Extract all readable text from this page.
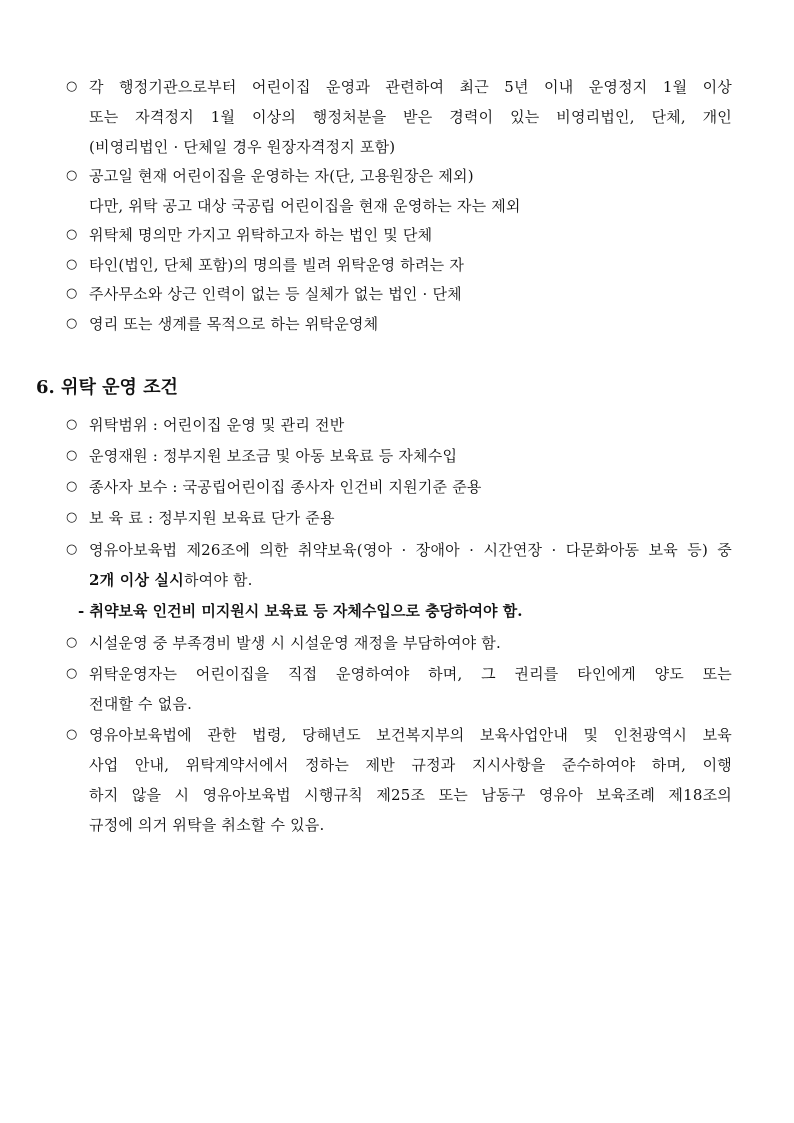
○ 각 행정기관으로부터 어린이집 운영과 관련하여 최근 5년 이내 운영정지 1월 이상
또는 자격정지 1월 이상의 행정처분을 받은 경력이 있는 비영리법인, 단체, 개인
(비영리법인 · 단체일 경우 원장자격정지 포함)
○ 공고일 현재 어린이집을 운영하는 자(단, 고용원장은 제외)
다만, 위탁 공고 대상 국공립 어린이집을 현재 운영하는 자는 제외
○ 위탁체 명의만 가지고 위탁하고자 하는 법인 및 단체
○ 타인(법인, 단체 포함)의 명의를 빌려 위탁운영 하려는 자
○ 주사무소와 상근 인력이 없는 등 실체가 없는 법인 · 단체
○ 영리 또는 생계를 목적으로 하는 위탁운영체
6. 위탁 운영 조건
○ 위탁범위 : 어린이집 운영 및 관리 전반
○ 운영재원 : 정부지원 보조금 및 아동 보육료 등 자체수입
○ 종사자 보수 : 국공립어린이집 종사자 인건비 지원기준 준용
○ 보 육 료 : 정부지원 보육료 단가 준용
○ 영유아보육법 제26조에 의한 취약보육(영아 · 장애아 · 시간연장 · 다문화아동 보육 등) 중
2개 이상 실시하여야 함.
- 취약보육 인건비 미지원시 보육료 등 자체수입으로 충당하여야 함.
○ 시설운영 중 부족경비 발생 시 시설운영 재정을 부담하여야 함.
○ 위탁운영자는 어린이집을 직접 운영하여야 하며, 그 권리를 타인에게 양도 또는
전대할 수 없음.
○ 영유아보육법에 관한 법령, 당해년도 보건복지부의 보육사업안내 및 인천광역시 보육
사업 안내, 위탁계약서에서 정하는 제반 규정과 지시사항을 준수하여야 하며, 이행
하지 않을 시 영유아보육법 시행규칙 제25조 또는 남동구 영유아 보육조례 제18조의
규정에 의거 위탁을 취소할 수 있음.
